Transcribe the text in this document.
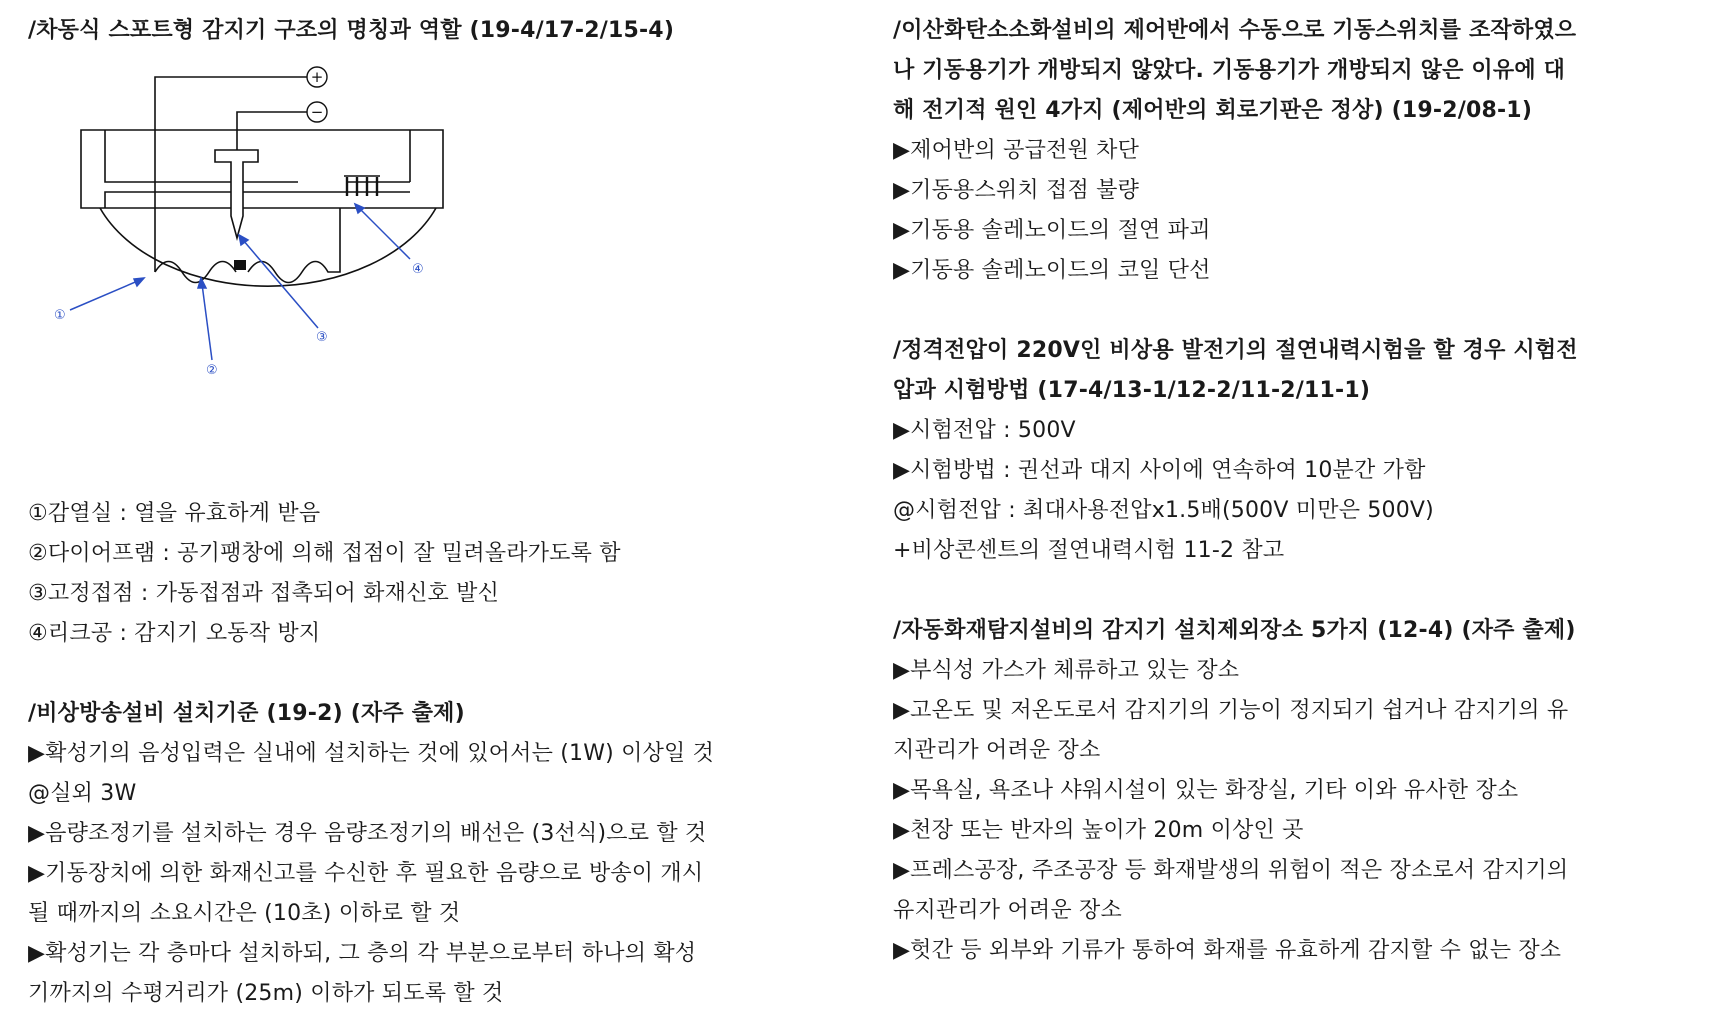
/차동식 스포트형 감지기 구조의 명칭과 역할 (19-4/17-2/15-4)
+
−
①
②
③
④
①감열실 : 열을 유효하게 받음
②다이어프램 : 공기팽창에 의해 접점이 잘 밀려올라가도록 함
③고정접점 : 가동접점과 접촉되어 화재신호 발신
④리크공 : 감지기 오동작 방지
/비상방송설비 설치기준 (19-2) (자주 출제)
▶확성기의 음성입력은 실내에 설치하는 것에 있어서는 (1W) 이상일 것
@실외 3W
▶음량조정기를 설치하는 경우 음량조정기의 배선은 (3선식)으로 할 것
▶기동장치에 의한 화재신고를 수신한 후 필요한 음량으로 방송이 개시
될 때까지의 소요시간은 (10초) 이하로 할 것
▶확성기는 각 층마다 설치하되, 그 층의 각 부분으로부터 하나의 확성
기까지의 수평거리가 (25m) 이하가 되도록 할 것
/이산화탄소소화설비의 제어반에서 수동으로 기동스위치를 조작하였으
나 기동용기가 개방되지 않았다. 기동용기가 개방되지 않은 이유에 대
해 전기적 원인 4가지 (제어반의 회로기판은 정상) (19-2/08-1)
▶제어반의 공급전원 차단
▶기동용스위치 접점 불량
▶기동용 솔레노이드의 절연 파괴
▶기동용 솔레노이드의 코일 단선
/정격전압이 220V인 비상용 발전기의 절연내력시험을 할 경우 시험전
압과 시험방법 (17-4/13-1/12-2/11-2/11-1)
▶시험전압 : 500V
▶시험방법 : 권선과 대지 사이에 연속하여 10분간 가함
@시험전압 : 최대사용전압x1.5배(500V 미만은 500V)
+비상콘센트의 절연내력시험 11-2 참고
/자동화재탐지설비의 감지기 설치제외장소 5가지 (12-4) (자주 출제)
▶부식성 가스가 체류하고 있는 장소
▶고온도 및 저온도로서 감지기의 기능이 정지되기 쉽거나 감지기의 유
지관리가 어려운 장소
▶목욕실, 욕조나 샤워시설이 있는 화장실, 기타 이와 유사한 장소
▶천장 또는 반자의 높이가 20m 이상인 곳
▶프레스공장, 주조공장 등 화재발생의 위험이 적은 장소로서 감지기의
유지관리가 어려운 장소
▶헛간 등 외부와 기류가 통하여 화재를 유효하게 감지할 수 없는 장소
